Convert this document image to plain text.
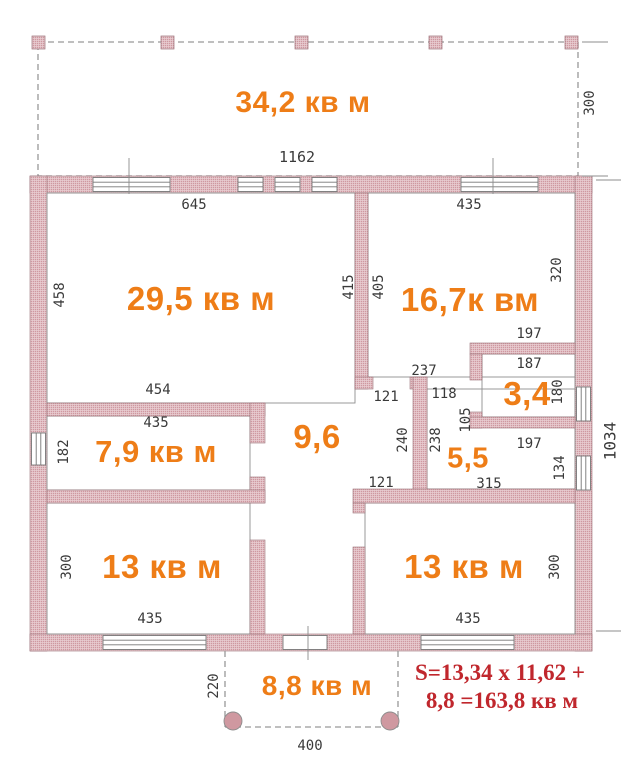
34,2 кв м
29,5 кв м	16,7к вм
3,4
7,9 кв м 9,6
5,5
13 кв м	13 кв м
8,8 кв м
1162
300
645	435
458	415 405
320
197
187
180
237
121 118
105
454
435
182	240 238	197
134
315
121
1034
300	300
435	435
220
400
S=13,34 x 11,62 +
8,8 =163,8 кв м
